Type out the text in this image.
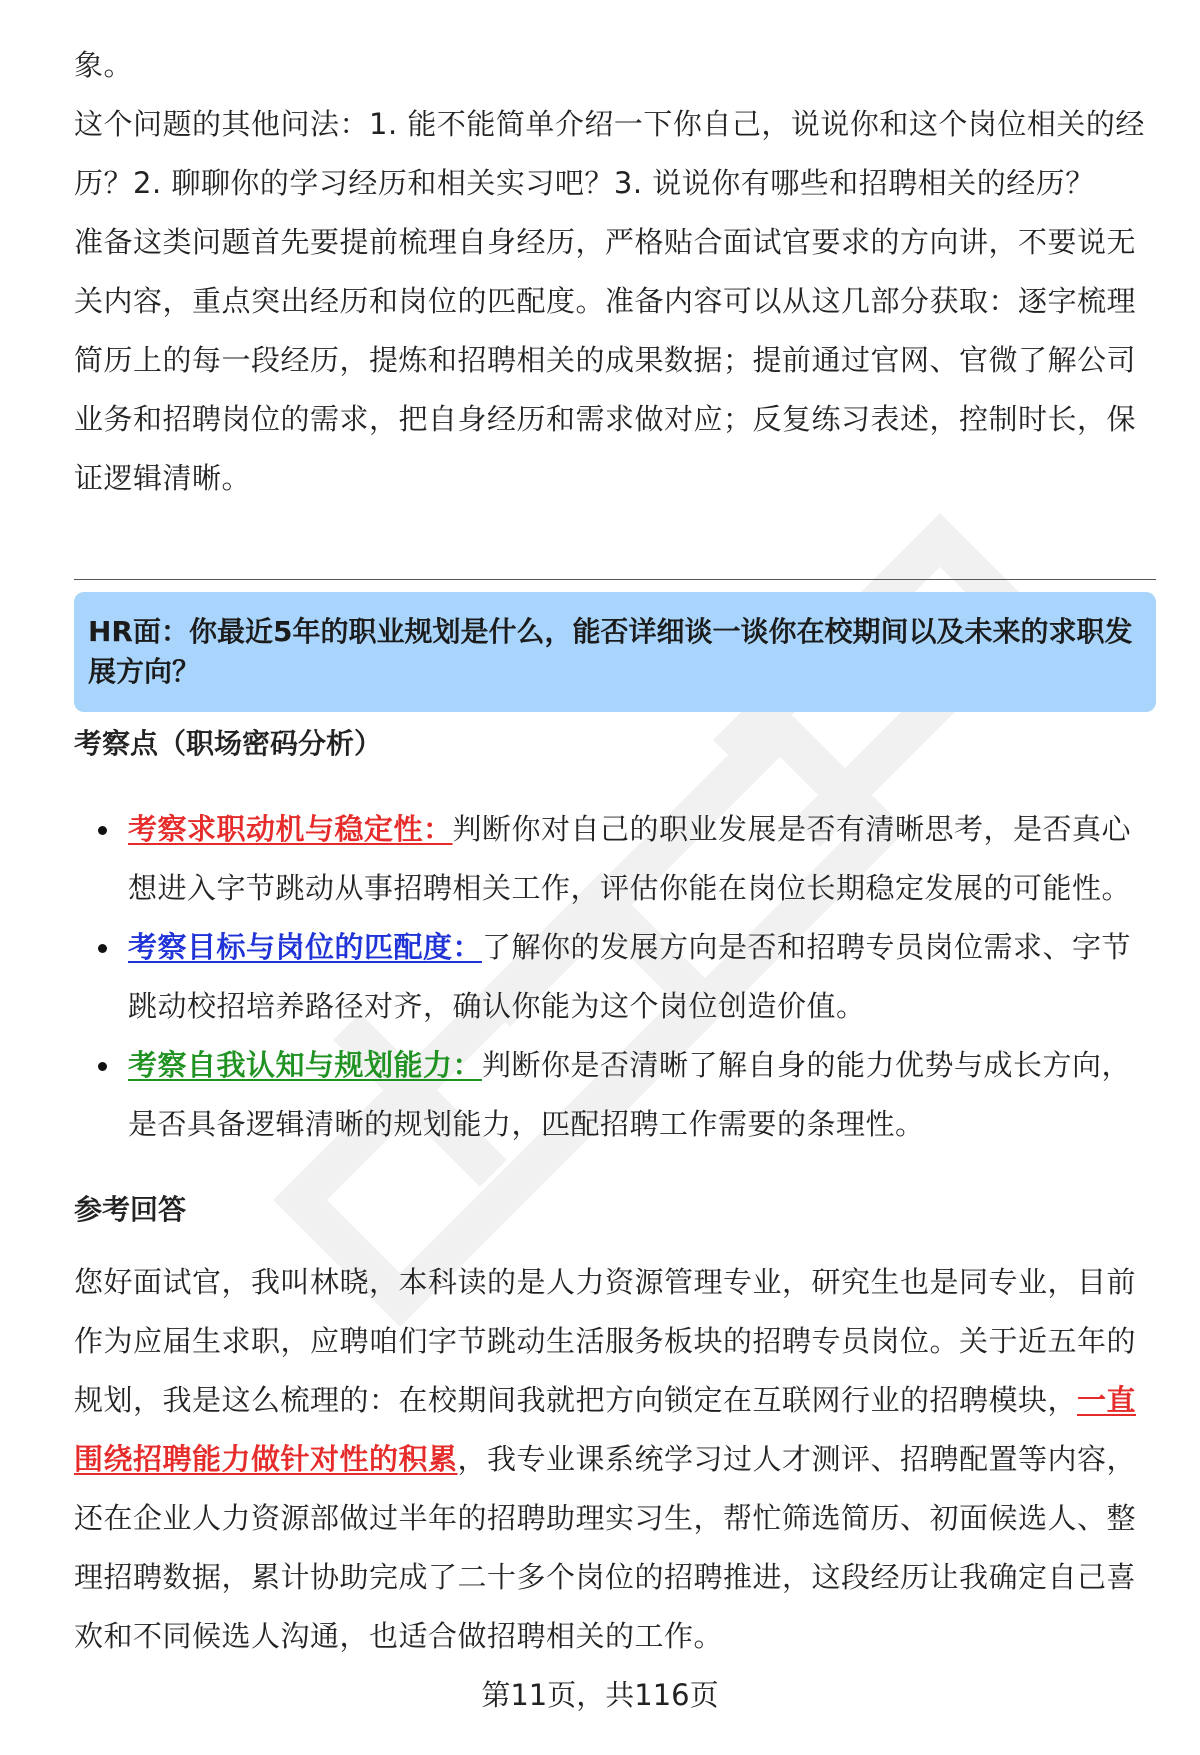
象。

这个问题的其他问法：1. 能不能简单介绍一下你自己，说说你和这个岗位相关的经历？2. 聊聊你的学习经历和相关实习吧？3. 说说你有哪些和招聘相关的经历？

准备这类问题首先要提前梳理自身经历，严格贴合面试官要求的方向讲，不要说无关内容，重点突出经历和岗位的匹配度。准备内容可以从这几部分获取：逐字梳理简历上的每一段经历，提炼和招聘相关的成果数据；提前通过官网、官微了解公司业务和招聘岗位的需求，把自身经历和需求做对应；反复练习表述，控制时长，保证逻辑清晰。

HR面：你最近5年的职业规划是什么，能否详细谈一谈你在校期间以及未来的求职发展方向？

考察点（职场密码分析）
考察求职动机与稳定性：判断你对自己的职业发展是否有清晰思考，是否真心想进入字节跳动从事招聘相关工作，评估你能在岗位长期稳定发展的可能性。
考察目标与岗位的匹配度：了解你的发展方向是否和招聘专员岗位需求、字节跳动校招培养路径对齐，确认你能为这个岗位创造价值。
考察自我认知与规划能力：判断你是否清晰了解自身的能力优势与成长方向，是否具备逻辑清晰的规划能力，匹配招聘工作需要的条理性。
参考回答

您好面试官，我叫林晓，本科读的是人力资源管理专业，研究生也是同专业，目前作为应届生求职，应聘咱们字节跳动生活服务板块的招聘专员岗位。关于近五年的规划，我是这么梳理的：在校期间我就把方向锁定在互联网行业的招聘模块，一直围绕招聘能力做针对性的积累，我专业课系统学习过人才测评、招聘配置等内容，还在企业人力资源部做过半年的招聘助理实习生，帮忙筛选简历、初面候选人、整理招聘数据，累计协助完成了二十多个岗位的招聘推进，这段经历让我确定自己喜欢和不同候选人沟通，也适合做招聘相关的工作。

第11页，共116页
